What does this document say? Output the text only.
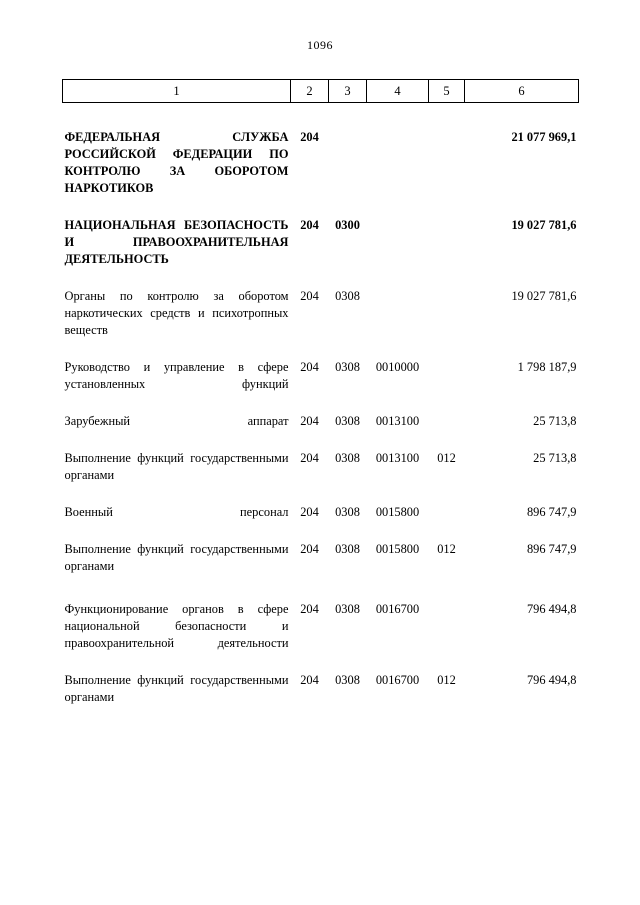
1096
1	2	3	4	5	6

ФЕДЕРАЛЬНАЯ СЛУЖБА РОССИЙСКОЙ ФЕДЕРАЦИИ ПО КОНТРОЛЮ ЗА ОБОРОТОМ НАРКОТИКОВ	204				21 077 969,1

НАЦИОНАЛЬНАЯ БЕЗОПАСНОСТЬ И ПРАВООХРАНИТЕЛЬНАЯ ДЕЯТЕЛЬНОСТЬ	204	0300			19 027 781,6

Органы по контролю за оборотом наркотических средств и психотропных веществ	204	0308			19 027 781,6

Руководство и управление в сфере установленных функций	204	0308	0010000		1 798 187,9

Зарубежный аппарат	204	0308	0013100		25 713,8

Выполнение функций государственными органами	204	0308	0013100	012	25 713,8

Военный персонал	204	0308	0015800		896 747,9

Выполнение функций государственными органами	204	0308	0015800	012	896 747,9

Функционирование органов в сфере национальной безопасности и правоохранительной деятельности	204	0308	0016700		796 494,8

Выполнение функций государственными органами	204	0308	0016700	012	796 494,8
